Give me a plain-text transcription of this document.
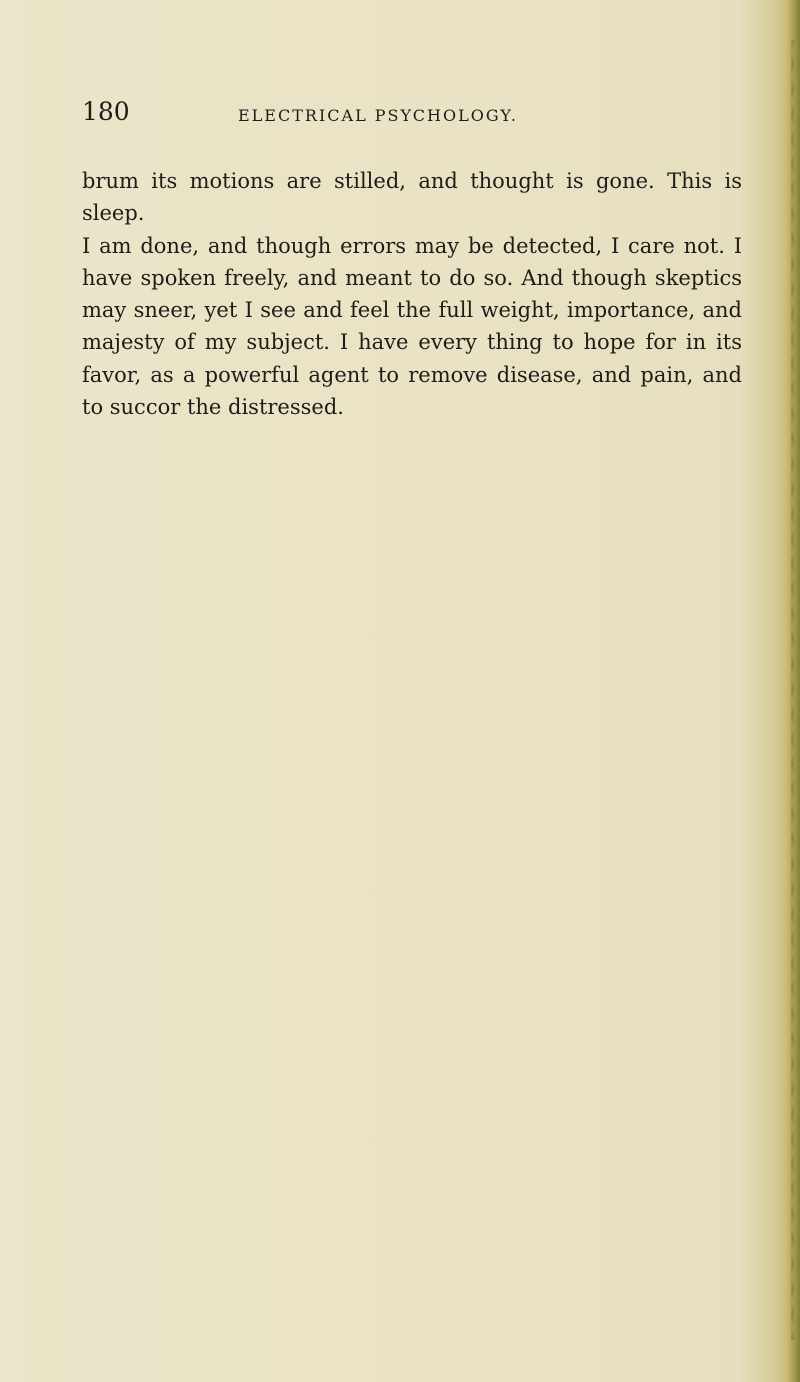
180	ELECTRICAL PSYCHOLOGY.

brum its motions are stilled, and thought is gone. This is sleep.

I am done, and though errors may be detected, I care not. I have spoken freely, and meant to do so. And though skeptics may sneer, yet I see and feel the full weight, importance, and majesty of my subject. I have every thing to hope for in its favor, as a powerful agent to remove disease, and pain, and to succor the distressed.
